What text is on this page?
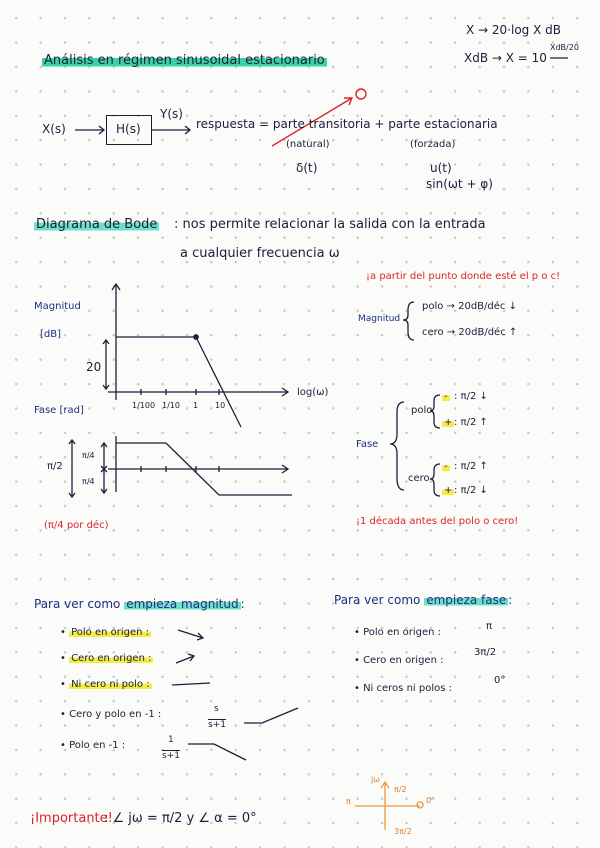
X → 20·log X dB
XdB → X = 10
XdB/20
Análisis en régimen sinusoidal estacionario
X(s)	H(s)
Y(s)
respuesta = parte transitoria + parte estacionaria
(natural)	(forzada)
δ(t)	u(t)
sin(ωt + φ)
Diagrama de Bode : nos permite relacionar la salida con la entrada
a cualquier frecuencia ω
Magnitud
[dB]
20
log(ω)
1/100 1/10 1 10
Fase [rad]
π/2
π/4
π/4
(π/4 por déc)
¡a partir del punto donde esté el p o c!
Magnitud
polo → 20dB/déc ↓
cero → 20dB/déc ↑
Fase
polo
- : π/2 ↓
+ : π/2 ↑
cero
- : π/2 ↑
+ : π/2 ↓
¡1 década antes del polo o cero!
Para ver como empieza magnitud :
• Polo en origen :
• Cero en origen :
• Ni cero ni polo :
• Cero y polo en -1 :	s
s+1
• Polo en -1 :	1
s+1
Para ver como empieza fase :
• Polo en origen :
π
• Cero en origen :
3π/2
• Ni ceros ni polos :
0°
¡Importante!
: ∠ jω = π/2 y ∠ α = 0°
jω
π/2
π	0°
3π/2
